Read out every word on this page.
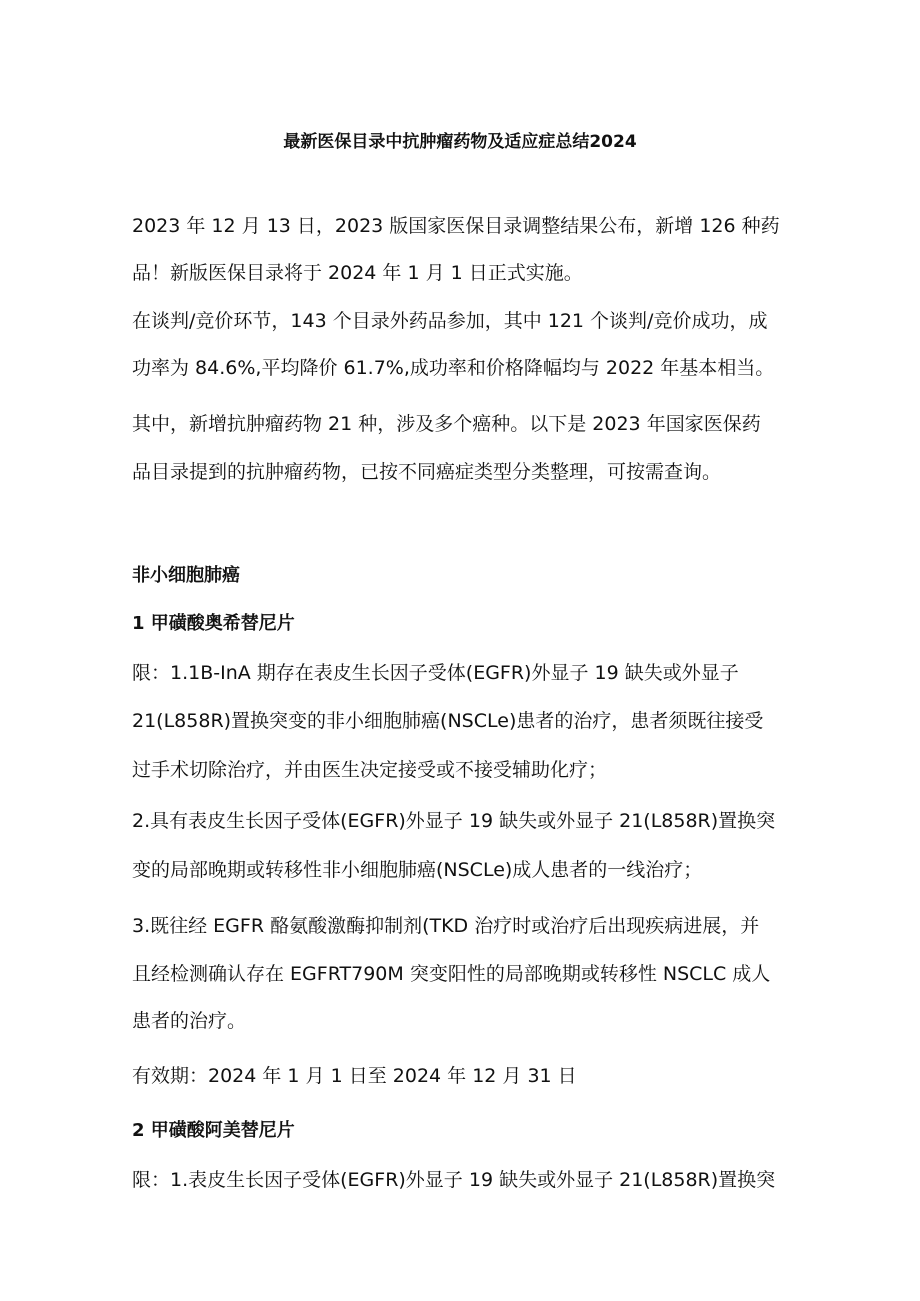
最新医保目录中抗肿瘤药物及适应症总结2024
2023 年 12 月 13 日，2023 版国家医保目录调整结果公布，新增 126 种药
品！新版医保目录将于 2024 年 1 月 1 日正式实施。
在谈判/竞价环节，143 个目录外药品参加，其中 121 个谈判/竞价成功，成
功率为 84.6%,平均降价 61.7%,成功率和价格降幅均与 2022 年基本相当。
其中，新增抗肿瘤药物 21 种，涉及多个癌种。以下是 2023 年国家医保药
品目录提到的抗肿瘤药物，已按不同癌症类型分类整理，可按需查询。
非小细胞肺癌
1 甲磺酸奥希替尼片
限：1.1B-InA 期存在表皮生长因子受体(EGFR)外显子 19 缺失或外显子
21(L858R)置换突变的非小细胞肺癌(NSCLe)患者的治疗，患者须既往接受
过手术切除治疗，并由医生决定接受或不接受辅助化疗；
2.具有表皮生长因子受体(EGFR)外显子 19 缺失或外显子 21(L858R)置换突
变的局部晚期或转移性非小细胞肺癌(NSCLe)成人患者的一线治疗；
3.既往经 EGFR 酪氨酸激酶抑制剂(TKD 治疗时或治疗后出现疾病进展，并
且经检测确认存在 EGFRT790M 突变阳性的局部晚期或转移性 NSCLC 成人
患者的治疗。
有效期：2024 年 1 月 1 日至 2024 年 12 月 31 日
2 甲磺酸阿美替尼片
限：1.表皮生长因子受体(EGFR)外显子 19 缺失或外显子 21(L858R)置换突
